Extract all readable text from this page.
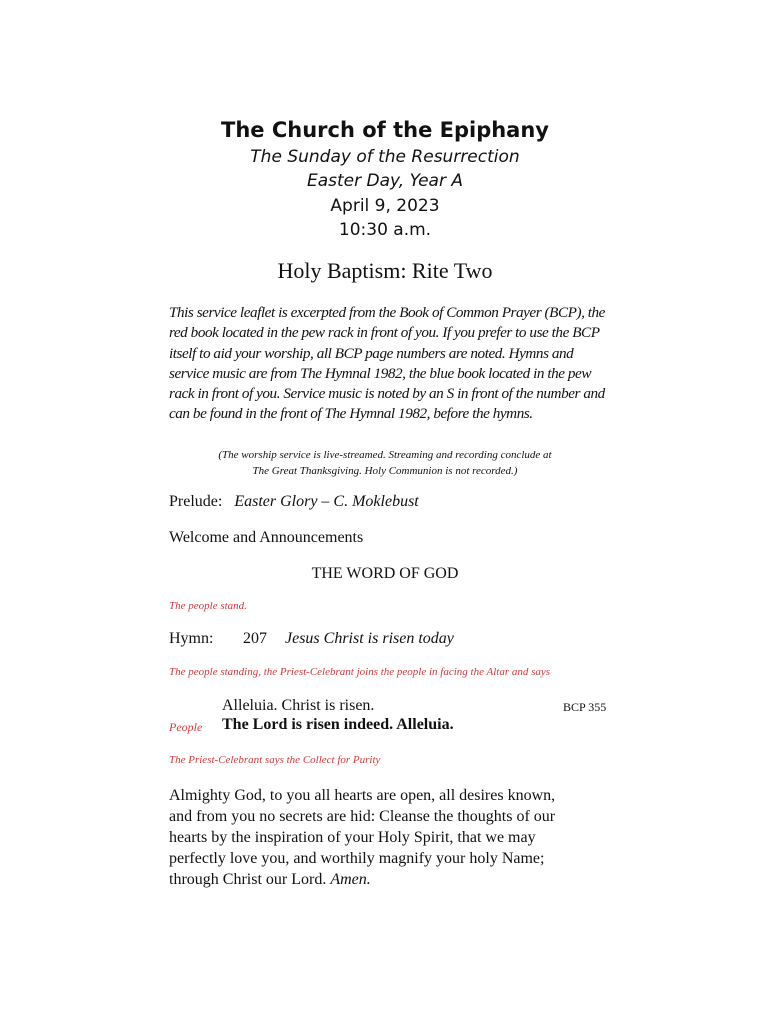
The Church of the Epiphany
The Sunday of the Resurrection
Easter Day, Year A
April 9, 2023
10:30 a.m.
Holy Baptism: Rite Two
This service leaflet is excerpted from the Book of Common Prayer (BCP), the red book located in the pew rack in front of you. If you prefer to use the BCP itself to aid your worship, all BCP page numbers are noted. Hymns and service music are from The Hymnal 1982, the blue book located in the pew rack in front of you. Service music is noted by an S in front of the number and can be found in the front of The Hymnal 1982, before the hymns.
(The worship service is live-streamed. Streaming and recording conclude at
The Great Thanksgiving. Holy Communion is not recorded.)
Prelude: Easter Glory – C. Moklebust
Welcome and Announcements
THE WORD OF GOD
The people stand.
Hymn: 207 Jesus Christ is risen today
The people standing, the Priest-Celebrant joins the people in facing the Altar and says
Alleluia. Christ is risen.	BCP 355
People The Lord is risen indeed. Alleluia.
The Priest-Celebrant says the Collect for Purity
Almighty God, to you all hearts are open, all desires known,
and from you no secrets are hid: Cleanse the thoughts of our
hearts by the inspiration of your Holy Spirit, that we may
perfectly love you, and worthily magnify your holy Name;
through Christ our Lord. Amen.
